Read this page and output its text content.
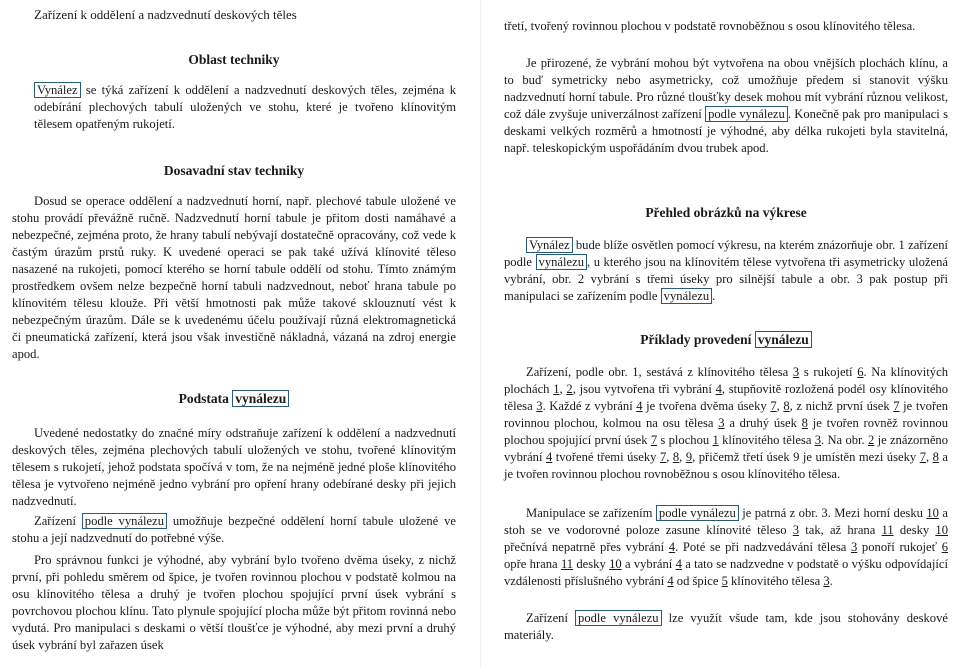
Zařízení k oddělení a nadzvednutí deskových těles
Oblast techniky

Vynález se týká zařízení k oddělení a nadzvednutí deskových těles, zejména k odebírání plechových tabulí uložených ve stohu, které je tvořeno klínovitým tělesem opatřeným rukojetí.

Dosavadní stav techniky

Dosud se operace oddělení a nadzvednutí horní, např. plechové tabule uložené ve stohu provádí převážně ručně. Nadzvednutí horní tabule je přitom dosti namáhavé a nebezpečné, zejména proto, že hrany tabulí nebývají dostatečně opracovány, což vede k častým úrazům prstů ruky. K uvedené operaci se pak také užívá klínovité těleso nasazené na rukojeti, pomocí kterého se horní tabule oddělí od stohu. Tímto známým prostředkem ovšem nelze bezpečně horní tabuli nadzvednout, neboť hrana tabule po klínovitém tělesu klouže. Při větší hmotnosti pak může takové sklouznutí vést k nebezpečným úrazům. Dále se k uvedenému účelu používají různá elektromagnetická či pneumatická zařízení, která jsou však investičně nákladná, vázaná na zdroj energie apod.

Podstata vynálezu

Uvedené nedostatky do značné míry odstraňuje zařízení k oddělení a nadzvednutí deskových těles, zejména plechových tabulí uložených ve stohu, tvořené klínovitým tělesem s rukojetí, jehož podstata spočívá v tom, že na nejméně jedné ploše klínovitého tělesa je vytvořeno nejméně jedno vybrání pro opření hrany odebírané desky při jejich nadzvednutí.

Zařízení podle vynálezu umožňuje bezpečné oddělení horní tabule uložené ve stohu a její nadzvednutí do potřebné výše.

Pro správnou funkci je výhodné, aby vybrání bylo tvořeno dvěma úseky, z nichž první, při pohledu směrem od špice, je tvořen rovinnou plochou v podstatě kolmou na osu klínovitého tělesa a druhý je tvořen plochou spojující první úsek vybrání s povrchovou plochou klínu. Tato plynule spojující plocha může být přitom rovinná nebo vydutá. Pro manipulaci s deskami o větší tloušťce je výhodné, aby mezi první a druhý úsek vybrání byl zařazen úsek

třetí, tvořený rovinnou plochou v podstatě rovnoběžnou s osou klínovitého tělesa.

Je přirozené, že vybrání mohou být vytvořena na obou vnějších plochách klínu, a to buď symetricky nebo asymetricky, což umožňuje předem si stanovit výšku nadzvednutí horní tabule. Pro různé tloušťky desek mohou mít vybrání různou velikost, což dále zvyšuje univerzálnost zařízení podle vynálezu . Konečně pak pro manipulaci s deskami velkých rozměrů a hmotností je výhodné, aby délka rukojeti byla stavitelná, např. teleskopickým uspořádáním dvou trubek apod.

Přehled obrázků na výkrese

Vynález bude blíže osvětlen pomocí výkresu, na kterém znázorňuje obr. 1 zařízení podle vynálezu , u kterého jsou na klínovitém tělese vytvořena tři asymetricky uložená vybrání, obr. 2 vybrání s třemi úseky pro silnější tabule a obr. 3 pak postup při manipulaci se zařízením podle vynálezu .

Příklady provedení vynálezu

Zařízení, podle obr. 1, sestává z klínovitého tělesa 3 s rukojetí 6. Na klínovitých plochách 1, 2, jsou vytvořena tři vybrání 4, stupňovitě rozložená podél osy klínovitého tělesa 3. Každé z vybrání 4 je tvořena dvěma úseky 7, 8, z nichž první úsek 7 je tvořen rovinnou plochou, kolmou na osu tělesa 3 a druhý úsek 8 je tvořen rovněž rovinnou plochou spojující první úsek 7 s plochou 1 klínovitého tělesa 3. Na obr. 2 je znázorněno vybrání 4 tvořené třemi úseky 7, 8, 9, přičemž třetí úsek 9 je umístěn mezi úseky 7, 8 a je tvořen rovinnou plochou rovnoběžnou s osou klínovitého tělesa.

Manipulace se zařízením podle vynálezu je patrná z obr. 3. Mezi horní desku 10 a stoh se ve vodorovné poloze zasune klínovité těleso 3 tak, až hrana 11 desky 10 přečnívá nepatrně přes vybrání 4. Poté se při nadzvedávání tělesa 3 ponoří rukojeť 6 opře hrana 11 desky 10 a vybrání 4 a tato se nadzvedne v podstatě o výšku odpovídající vzdálenosti příslušného vybrání 4 od špice 5 klínovitého tělesa 3.

Zařízení podle vynálezu lze využít všude tam, kde jsou stohovány deskové materiály.
